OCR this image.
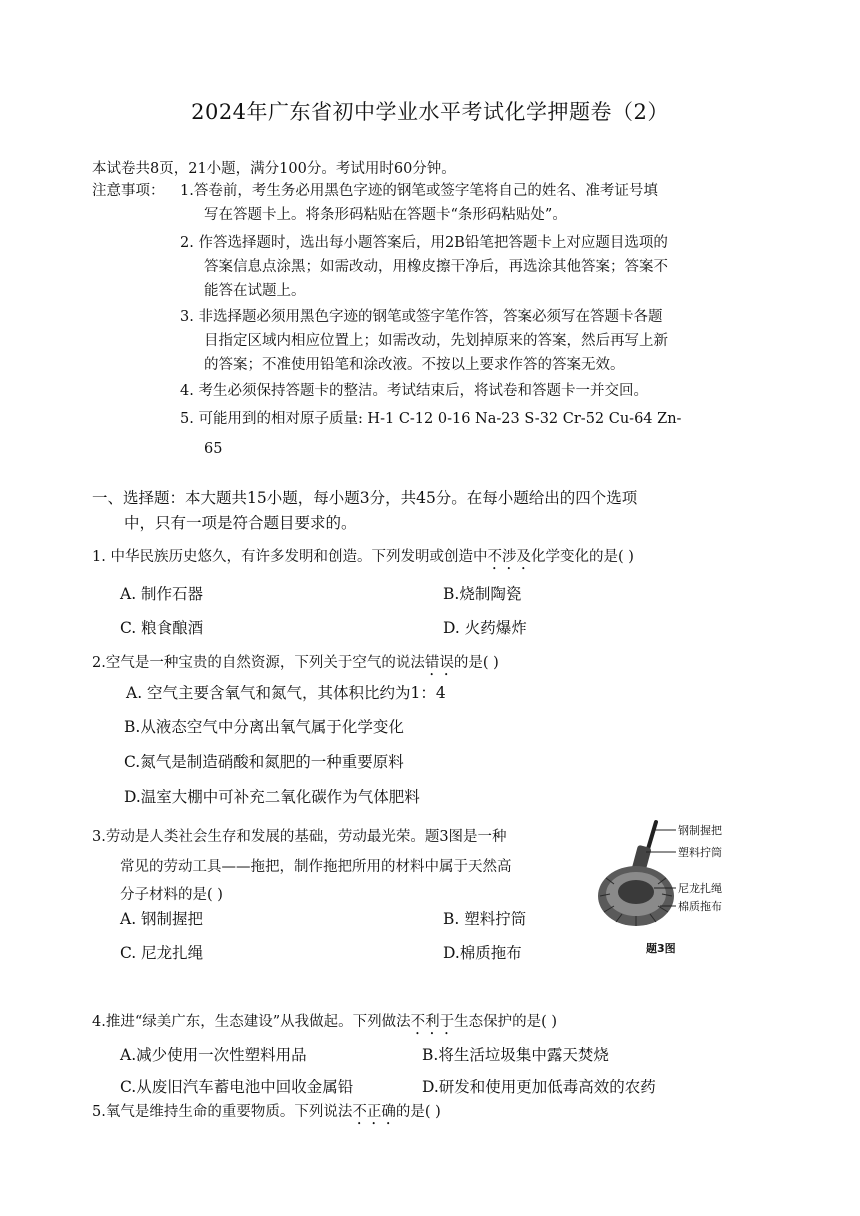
2024年广东省初中学业水平考试化学押题卷（2）
本试卷共8页，21小题，满分100分。考试用时60分钟。
注意事项： 1.答卷前，考生务必用黑色字迹的钢笔或签字笔将自己的姓名、准考证号填
写在答题卡上。将条形码粘贴在答题卡“条形码粘贴处”。
2. 作答选择题时，选出每小题答案后，用2B铅笔把答题卡上对应题目选项的
答案信息点涂黑；如需改动，用橡皮擦干净后，再选涂其他答案；答案不
能答在试题上。
3. 非选择题必须用黑色字迹的钢笔或签字笔作答，答案必须写在答题卡各题
目指定区域内相应位置上；如需改动，先划掉原来的答案，然后再写上新
的答案；不准使用铅笔和涂改液。不按以上要求作答的答案无效。
4. 考生必须保持答题卡的整洁。考试结束后，将试卷和答题卡一并交回。
5. 可能用到的相对原子质量: H-1 C-12 0-16 Na-23 S-32 Cr-52 Cu-64 Zn-
65
一、选择题：本大题共15小题，每小题3分，共45分。在每小题给出的四个选项
中，只有一项是符合题目要求的。
1. 中华民族历史悠久，有许多发明和创造。下列发明或创造中不涉及化学变化的是( )
A. 制作石器	B.烧制陶瓷
C. 粮食酿酒	D. 火药爆炸
2.空气是一种宝贵的自然资源，下列关于空气的说法错误的是( )
A. 空气主要含氧气和氮气，其体积比约为1：4
B.从液态空气中分离出氧气属于化学变化
C.氮气是制造硝酸和氮肥的一种重要原料
D.温室大棚中可补充二氧化碳作为气体肥料
3.劳动是人类社会生存和发展的基础，劳动最光荣。题3图是一种
常见的劳动工具——拖把，制作拖把所用的材料中属于天然高
分子材料的是( )
A. 钢制握把	B. 塑料拧筒
C. 尼龙扎绳	D.棉质拖布
钢制握把
塑料拧筒
尼龙扎绳
棉质拖布
题3图
4.推进“绿美广东，生态建设”从我做起。下列做法不利于生态保护的是( )
A.减少使用一次性塑料用品	B.将生活垃圾集中露天焚烧
C.从废旧汽车蓄电池中回收金属铅	D.研发和使用更加低毒高效的农药
5.氧气是维持生命的重要物质。下列说法不正确的是( )
